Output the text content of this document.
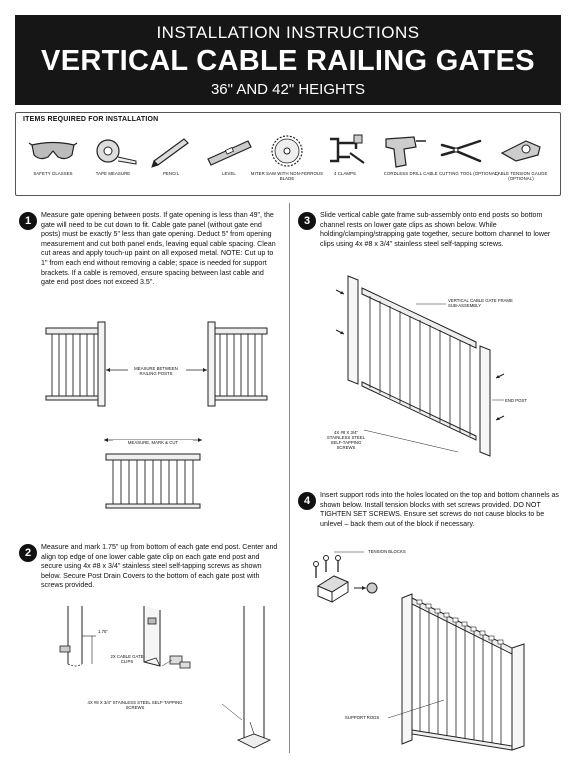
INSTALLATION INSTRUCTIONS
VERTICAL CABLE RAILING GATES
36" AND 42" HEIGHTS
ITEMS REQUIRED FOR INSTALLATION
SAFETY GLASSES	TAPE MEASURE	PENCIL	LEVEL	MITER SAW WITH NON-FERROUS BLADE
4 CLAMPS	CORDLESS DRILL CABLE CUTTING TOOL (OPTIONAL)
CABLE TENSION GAUGE (OPTIONAL)
1	Measure gate opening between posts. If gate opening is less than 49", the gate will need to be cut down to fit. Cable gate panel (without gate end posts) must be exactly 5" less than gate opening. Deduct 5" from opening measurement and cut both panel ends, leaving equal cable spacing. Clean cut areas and apply touch-up paint on all exposed metal. NOTE: Cut up to 1" from each end without removing a cable; space is needed for support brackets. If a cable is removed, ensure spacing between last cable and gate end post does not exceed 3.5".
MEASURE BETWEEN RAILING POSTS
MEASURE, MARK & CUT
2	Measure and mark 1.75" up from bottom of each gate end post. Center and align top edge of one lower cable gate clip on each gate end post and secure using 4x #8 x 3/4" stainless steel self-tapping screws as shown below. Secure Post Drain Covers to the bottom of each gate post with screws provided.
1.75"
2X CABLE GATE CLIPS
4X #8 X 3/4" STAINLESS STEEL SELF-TAPPING SCREWS
3	Slide vertical cable gate frame sub-assembly onto end posts so bottom channel rests on lower gate clips as shown below. While holding/clamping/strapping gate together, secure bottom channel to lower clips using 4x #8 x 3/4" stainless steel self-tapping screws.
VERTICAL CABLE GATE FRAME SUB-ASSEMBLY
END POST
4X #8 X 3/4" STAINLESS STEEL SELF-TAPPING SCREWS
4	Insert support rods into the holes located on the top and bottom channels as shown below. Install tension blocks with set screws provided. DO NOT TIGHTEN SET SCREWS. Ensure set screws do not cause blocks to be unlevel – back them out of the block if necessary.
TENSION BLOCKS
SUPPORT RODS
